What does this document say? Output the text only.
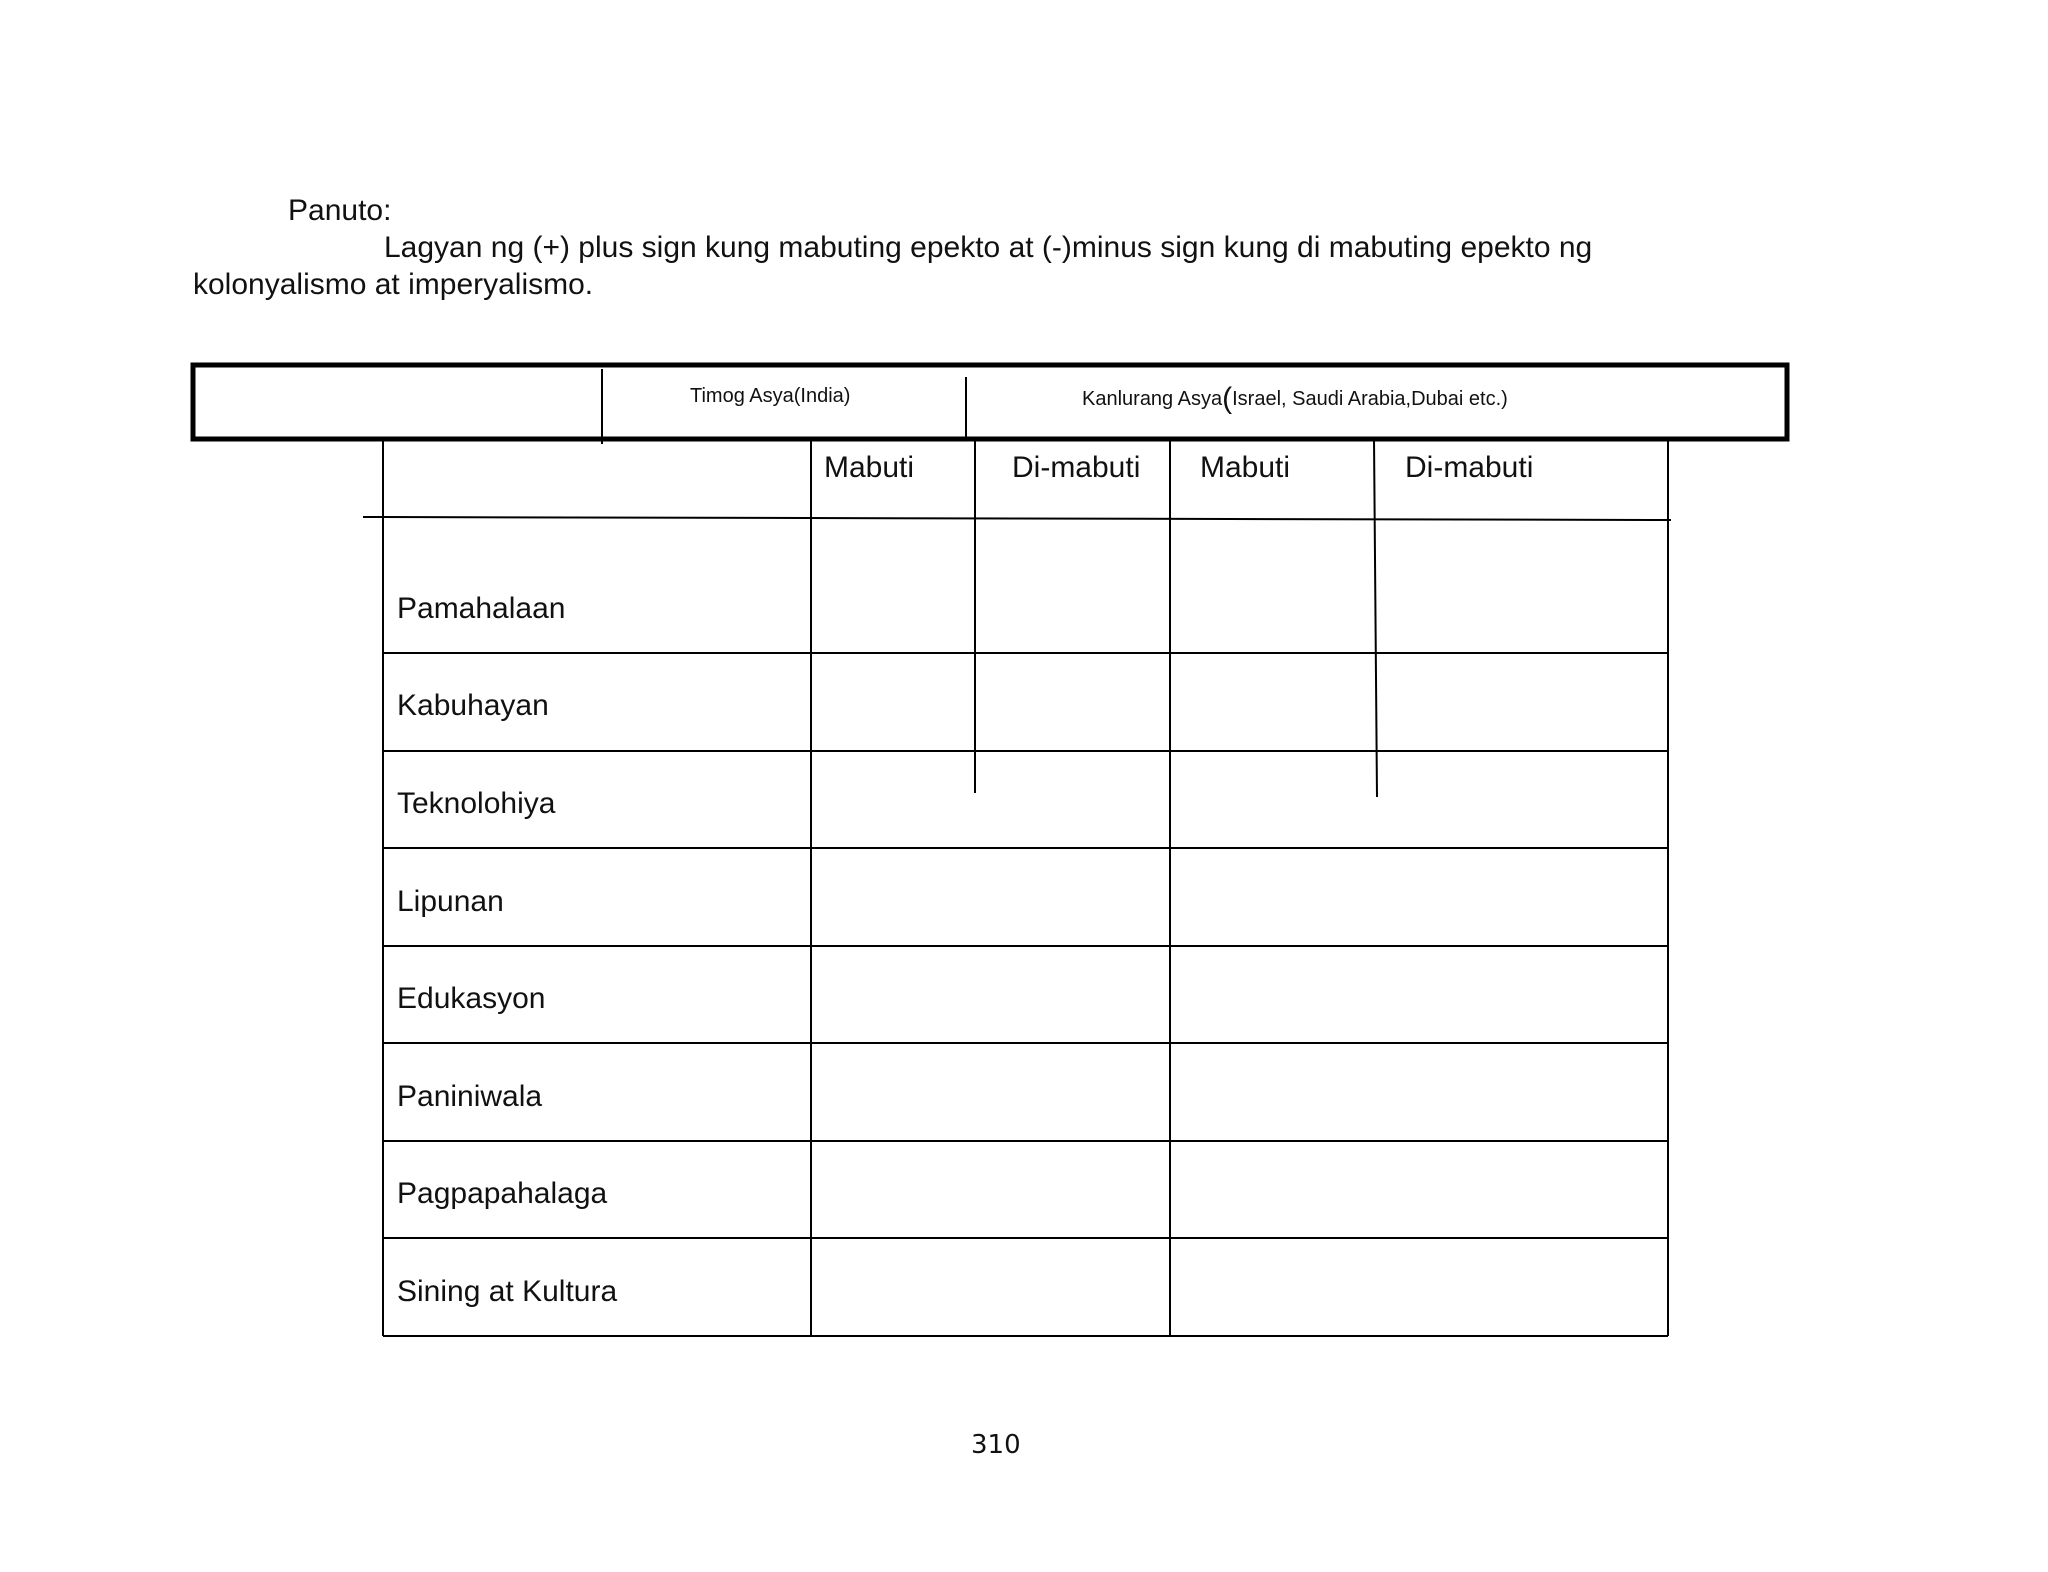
Panuto:
Lagyan ng (+) plus sign kung mabuting epekto at (-)minus sign kung di mabuting epekto ng
kolonyalismo at imperyalismo.
Timog Asya(India)	Kanlurang Asya(Israel, Saudi Arabia,Dubai etc.)
Mabuti	Di-mabuti Mabuti	Di-mabuti
Pamahalaan
Kabuhayan
Teknolohiya
Lipunan
Edukasyon
Paniniwala
Pagpapahalaga
Sining at Kultura
310
